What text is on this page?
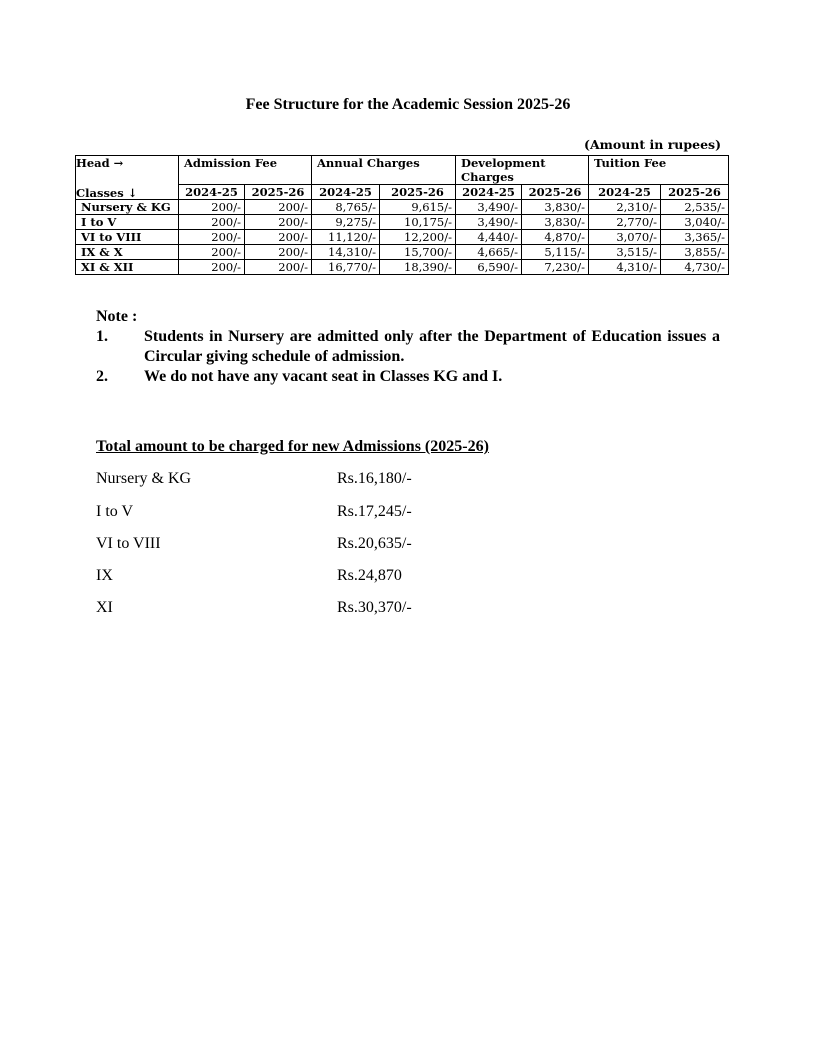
Fee Structure for the Academic Session 2025-26
(Amount in rupees)
Head →
Classes ↓	Admission Fee		Annual Charges		Development Charges		Tuition Fee	
	2024-25	2025-26	2024-25	2025-26	2024-25	2025-26	2024-25	2025-26
Nursery & KG	200/-	200/-	8,765/-	9,615/-	3,490/-	3,830/-	2,310/-	2,535/-
I to V	200/-	200/-	9,275/-	10,175/-	3,490/-	3,830/-	2,770/-	3,040/-
VI to VIII	200/-	200/-	11,120/-	12,200/-	4,440/-	4,870/-	3,070/-	3,365/-
IX & X	200/-	200/-	14,310/-	15,700/-	4,665/-	5,115/-	3,515/-	3,855/-
XI & XII	200/-	200/-	16,770/-	18,390/-	6,590/-	7,230/-	4,310/-	4,730/-

Note :

1.	Students in Nursery are admitted only after the Department of Education issues a Circular giving schedule of admission.
2.	We do not have any vacant seat in Classes KG and I.
Total amount to be charged for new Admissions (2025-26)
Nursery & KG	Rs.16,180/-
I to V	Rs.17,245/-
VI to VIII	Rs.20,635/-
IX	Rs.24,870
XI	Rs.30,370/-
